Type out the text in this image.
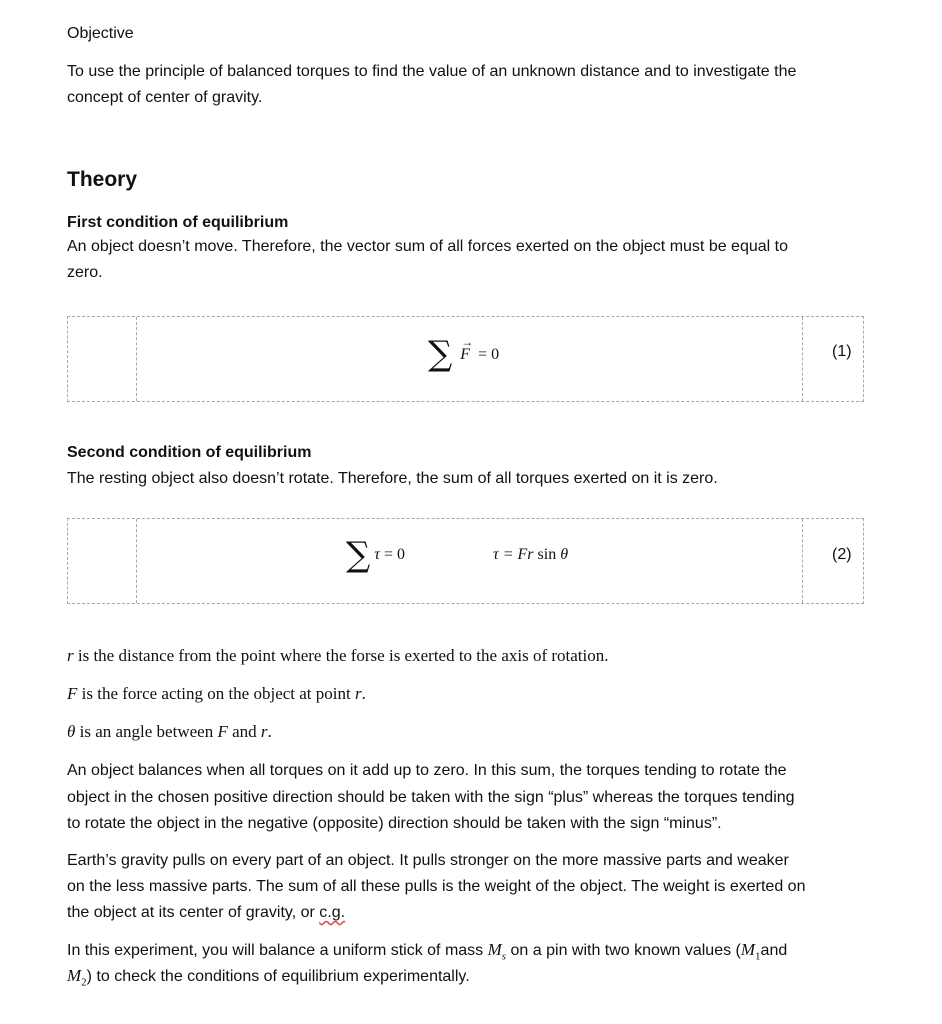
Objective
To use the principle of balanced torques to find the value of an unknown distance and to investigate the
concept of center of gravity.
Theory
First condition of equilibrium
An object doesn’t move. Therefore, the vector sum of all forces exerted on the object must be equal to
zero.
∑ →
F = 0	(1)
Second condition of equilibrium
The resting object also doesn’t rotate. Therefore, the sum of all torques exerted on it is zero.
∑ τ = 0	τ = Fr sin θ	(2)
r is the distance from the point where the forse is exerted to the axis of rotation.
F is the force acting on the object at point r.
θ is an angle between F and r.
An object balances when all torques on it add up to zero. In this sum, the torques tending to rotate the
object in the chosen positive direction should be taken with the sign “plus” whereas the torques tending
to rotate the object in the negative (opposite) direction should be taken with the sign “minus”.
Earth’s gravity pulls on every part of an object. It pulls stronger on the more massive parts and weaker
on the less massive parts. The sum of all these pulls is the weight of the object. The weight is exerted on
the object at its center of gravity, or c.g.
In this experiment, you will balance a uniform stick of mass $M_s$ on a pin with two known values ($M_1and$
$M_2$) to check the conditions of equilibrium experimentally.
